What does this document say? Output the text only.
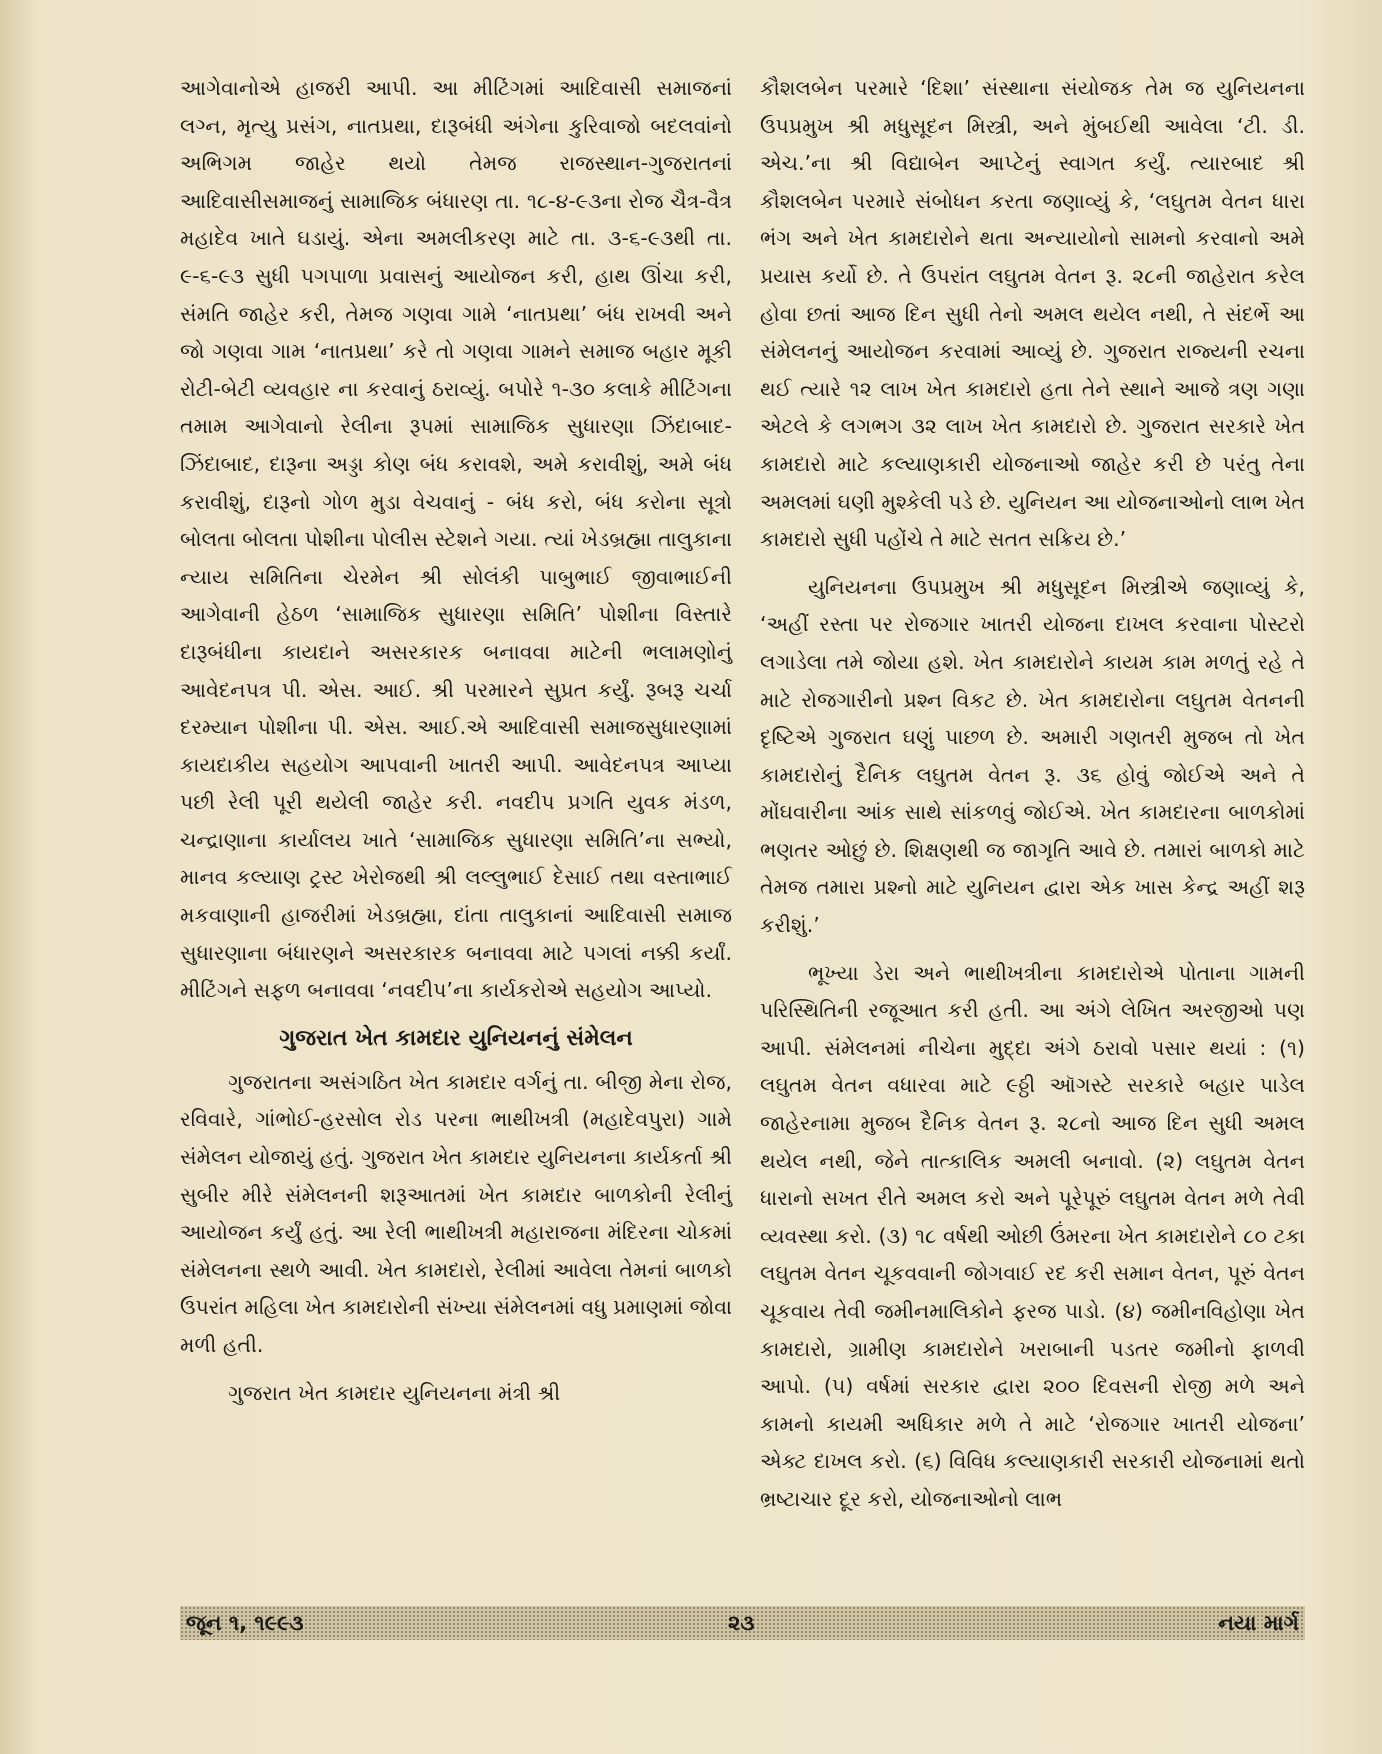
આગેવાનોએ હાજરી આપી. આ મીટિંગમાં આદિવાસી સમાજનાં લગ્ન, મૃત્યુ પ્રસંગ, નાતપ્રથા, દારૂબંધી અંગેના કુરિવાજો બદલવાંનો અભિગમ જાહેર થયો તેમજ રાજસ્થાન-ગુજરાતનાં આદિવાસીસમાજનું સામાજિક બંધારણ તા. ૧૮-૪-૯૩ના રોજ ચૈત્ર-વૈત્ર મહાદેવ ખાતે ઘડાયું. એના અમલીકરણ માટે તા. ૩-૬-૯૩થી તા. ૯-૬-૯૩ સુધી પગપાળા પ્રવાસનું આયોજન કરી, હાથ ઊંચા કરી, સંમતિ જાહેર કરી, તેમજ ગણવા ગામે ‘નાતપ્રથા’ બંધ રાખવી અને જો ગણવા ગામ ‘નાતપ્રથા’ કરે તો ગણવા ગામને સમાજ બહાર મૂકી રોટી-બેટી વ્યવહાર ના કરવાનું ઠરાવ્યું. બપોરે ૧-૩૦ કલાકે મીટિંગના તમામ આગેવાનો રેલીના રૂપમાં સામાજિક સુધારણા ઝિંદાબાદ-ઝિંદાબાદ, દારૂના અડ્ડા કોણ બંધ કરાવશે, અમે કરાવીશું, અમે બંધ કરાવીશું, દારૂનો ગોળ મુડા વેચવાનું - બંધ કરો, બંધ કરોના સૂત્રો બોલતા બોલતા પોશીના પોલીસ સ્ટેશને ગયા. ત્યાં ખેડબ્રહ્મા તાલુકાના ન્યાય સમિતિના ચેરમેન શ્રી સોલંકી પાબુભાઈ જીવાભાઈની આગેવાની હેઠળ ‘સામાજિક સુધારણા સમિતિ’ પોશીના વિસ્તારે દારૂબંધીના કાયદાને અસરકારક બનાવવા માટેની ભલામણોનું આવેદનપત્ર પી. એસ. આઈ. શ્રી પરમારને સુપ્રત કર્યું. રૂબરૂ ચર્ચા દરમ્યાન પોશીના પી. એસ. આઈ.એ આદિવાસી સમાજસુધારણામાં કાયદાકીય સહયોગ આપવાની ખાતરી આપી. આવેદનપત્ર આપ્યા પછી રેલી પૂરી થયેલી જાહેર કરી. નવદીપ પ્રગતિ યુવક મંડળ, ચન્દ્રાણાના કાર્યાલય ખાતે ‘સામાજિક સુધારણા સમિતિ’ના સભ્યો, માનવ કલ્યાણ ટ્રસ્ટ ખેરોજથી શ્રી લલ્લુભાઈ દેસાઈ તથા વસ્તાભાઈ મકવાણાની હાજરીમાં ખેડબ્રહ્મા, દાંતા તાલુકાનાં આદિવાસી સમાજ સુધારણાના બંધારણને અસરકારક બનાવવા માટે પગલાં નક્કી કર્યાં. મીટિંગને સફળ બનાવવા ‘નવદીપ’ના કાર્યકરોએ સહયોગ આપ્યો.

ગુજરાત ખેત કામદાર યુનિયનનું સંમેલન

ગુજરાતના અસંગઠિત ખેત કામદાર વર્ગનું તા. બીજી મેના રોજ, રવિવારે, ગાંભોઈ-હરસોલ રોડ પરના ભાથીખત્રી (મહાદેવપુરા) ગામે સંમેલન યોજાયું હતું. ગુજરાત ખેત કામદાર યુનિયનના કાર્યકર્તા શ્રી સુબીર મીરે સંમેલનની શરૂઆતમાં ખેત કામદાર બાળકોની રેલીનું આયોજન કર્યું હતું. આ રેલી ભાથીખત્રી મહારાજના મંદિરના ચોકમાં સંમેલનના સ્થળે આવી. ખેત કામદારો, રેલીમાં આવેલા તેમનાં બાળકો ઉપરાંત મહિલા ખેત કામદારોની સંખ્યા સંમેલનમાં વધુ પ્રમાણમાં જોવા મળી હતી.

ગુજરાત ખેત કામદાર યુનિયનના મંત્રી શ્રી

કૌશલબેન પરમારે ‘દિશા’ સંસ્થાના સંયોજક તેમ જ યુનિયનના ઉપપ્રમુખ શ્રી મધુસૂદન મિસ્ત્રી, અને મુંબઈથી આવેલા ‘ટી. ડી. એચ.’ના શ્રી વિદ્યાબેન આપ્ટેનું સ્વાગત કર્યું. ત્યારબાદ શ્રી કૌશલબેન પરમારે સંબોધન કરતા જણાવ્યું કે, ‘લઘુતમ વેતન ધારા ભંગ અને ખેત કામદારોને થતા અન્યાયોનો સામનો કરવાનો અમે પ્રયાસ કર્યો છે. તે ઉપરાંત લઘુતમ વેતન રૂ. ૨૮ની જાહેરાત કરેલ હોવા છતાં આજ દિન સુધી તેનો અમલ થયેલ નથી, તે સંદર્ભે આ સંમેલનનું આયોજન કરવામાં આવ્યું છે. ગુજરાત રાજ્યની રચના થઈ ત્યારે ૧૨ લાખ ખેત કામદારો હતા તેને સ્થાને આજે ત્રણ ગણા એટલે કે લગભગ ૩૨ લાખ ખેત કામદારો છે. ગુજરાત સરકારે ખેત કામદારો માટે કલ્યાણકારી યોજનાઓ જાહેર કરી છે પરંતુ તેના અમલમાં ઘણી મુશ્કેલી પડે છે. યુનિયન આ યોજનાઓનો લાભ ખેત કામદારો સુધી પહોંચે તે માટે સતત સક્રિય છે.’

યુનિયનના ઉપપ્રમુખ શ્રી મધુસૂદન મિસ્ત્રીએ જણાવ્યું કે, ‘અહીં રસ્તા પર રોજગાર ખાતરી યોજના દાખલ કરવાના પોસ્ટરો લગાડેલા તમે જોયા હશે. ખેત કામદારોને કાયમ કામ મળતું રહે તે માટે રોજગારીનો પ્રશ્ન વિકટ છે. ખેત કામદારોના લઘુતમ વેતનની દૃષ્ટિએ ગુજરાત ઘણું પાછળ છે. અમારી ગણતરી મુજબ તો ખેત કામદારોનું દૈનિક લઘુતમ વેતન રૂ. ૩૬ હોવું જોઈએ અને તે મોંઘવારીના આંક સાથે સાંકળવું જોઈએ. ખેત કામદારના બાળકોમાં ભણતર ઓછું છે. શિક્ષણથી જ જાગૃતિ આવે છે. તમારાં બાળકો માટે તેમજ તમારા પ્રશ્નો માટે યુનિયન દ્વારા એક ખાસ કેન્દ્ર અહીં શરૂ કરીશું.’

ભૂખ્યા ડેરા અને ભાથીખત્રીના કામદારોએ પોતાના ગામની પરિસ્થિતિની રજૂઆત કરી હતી. આ અંગે લેખિત અરજીઓ પણ આપી. સંમેલનમાં નીચેના મુદ્દા અંગે ઠરાવો પસાર થયાં : (૧) લઘુતમ વેતન વધારવા માટે ૯ઠ્ઠી ઑગસ્ટે સરકારે બહાર પાડેલ જાહેરનામા મુજબ દૈનિક વેતન રૂ. ૨૮નો આજ દિન સુધી અમલ થયેલ નથી, જેને તાત્કાલિક અમલી બનાવો. (૨) લઘુતમ વેતન ધારાનો સખત રીતે અમલ કરો અને પૂરેપૂરું લઘુતમ વેતન મળે તેવી વ્યવસ્થા કરો. (૩) ૧૮ વર્ષથી ઓછી ઉંમરના ખેત કામદારોને ૮૦ ટકા લઘુતમ વેતન ચૂકવવાની જોગવાઈ રદ કરી સમાન વેતન, પૂરું વેતન ચૂકવાય તેવી જમીનમાલિકોને ફરજ પાડો. (૪) જમીનવિહોણા ખેત કામદારો, ગ્રામીણ કામદારોને ખરાબાની પડતર જમીનો ફાળવી આપો. (૫) વર્ષમાં સરકાર દ્વારા ૨૦૦ દિવસની રોજી મળે અને કામનો કાયમી અધિકાર મળે તે માટે ‘રોજગાર ખાતરી યોજના’ એક્ટ દાખલ કરો. (૬) વિવિધ કલ્યાણકારી સરકારી યોજનામાં થતો ભ્રષ્ટાચાર દૂર કરો, યોજનાઓનો લાભ

જૂન ૧, ૧૯૯૩	૨૩	નયા માર્ગ
